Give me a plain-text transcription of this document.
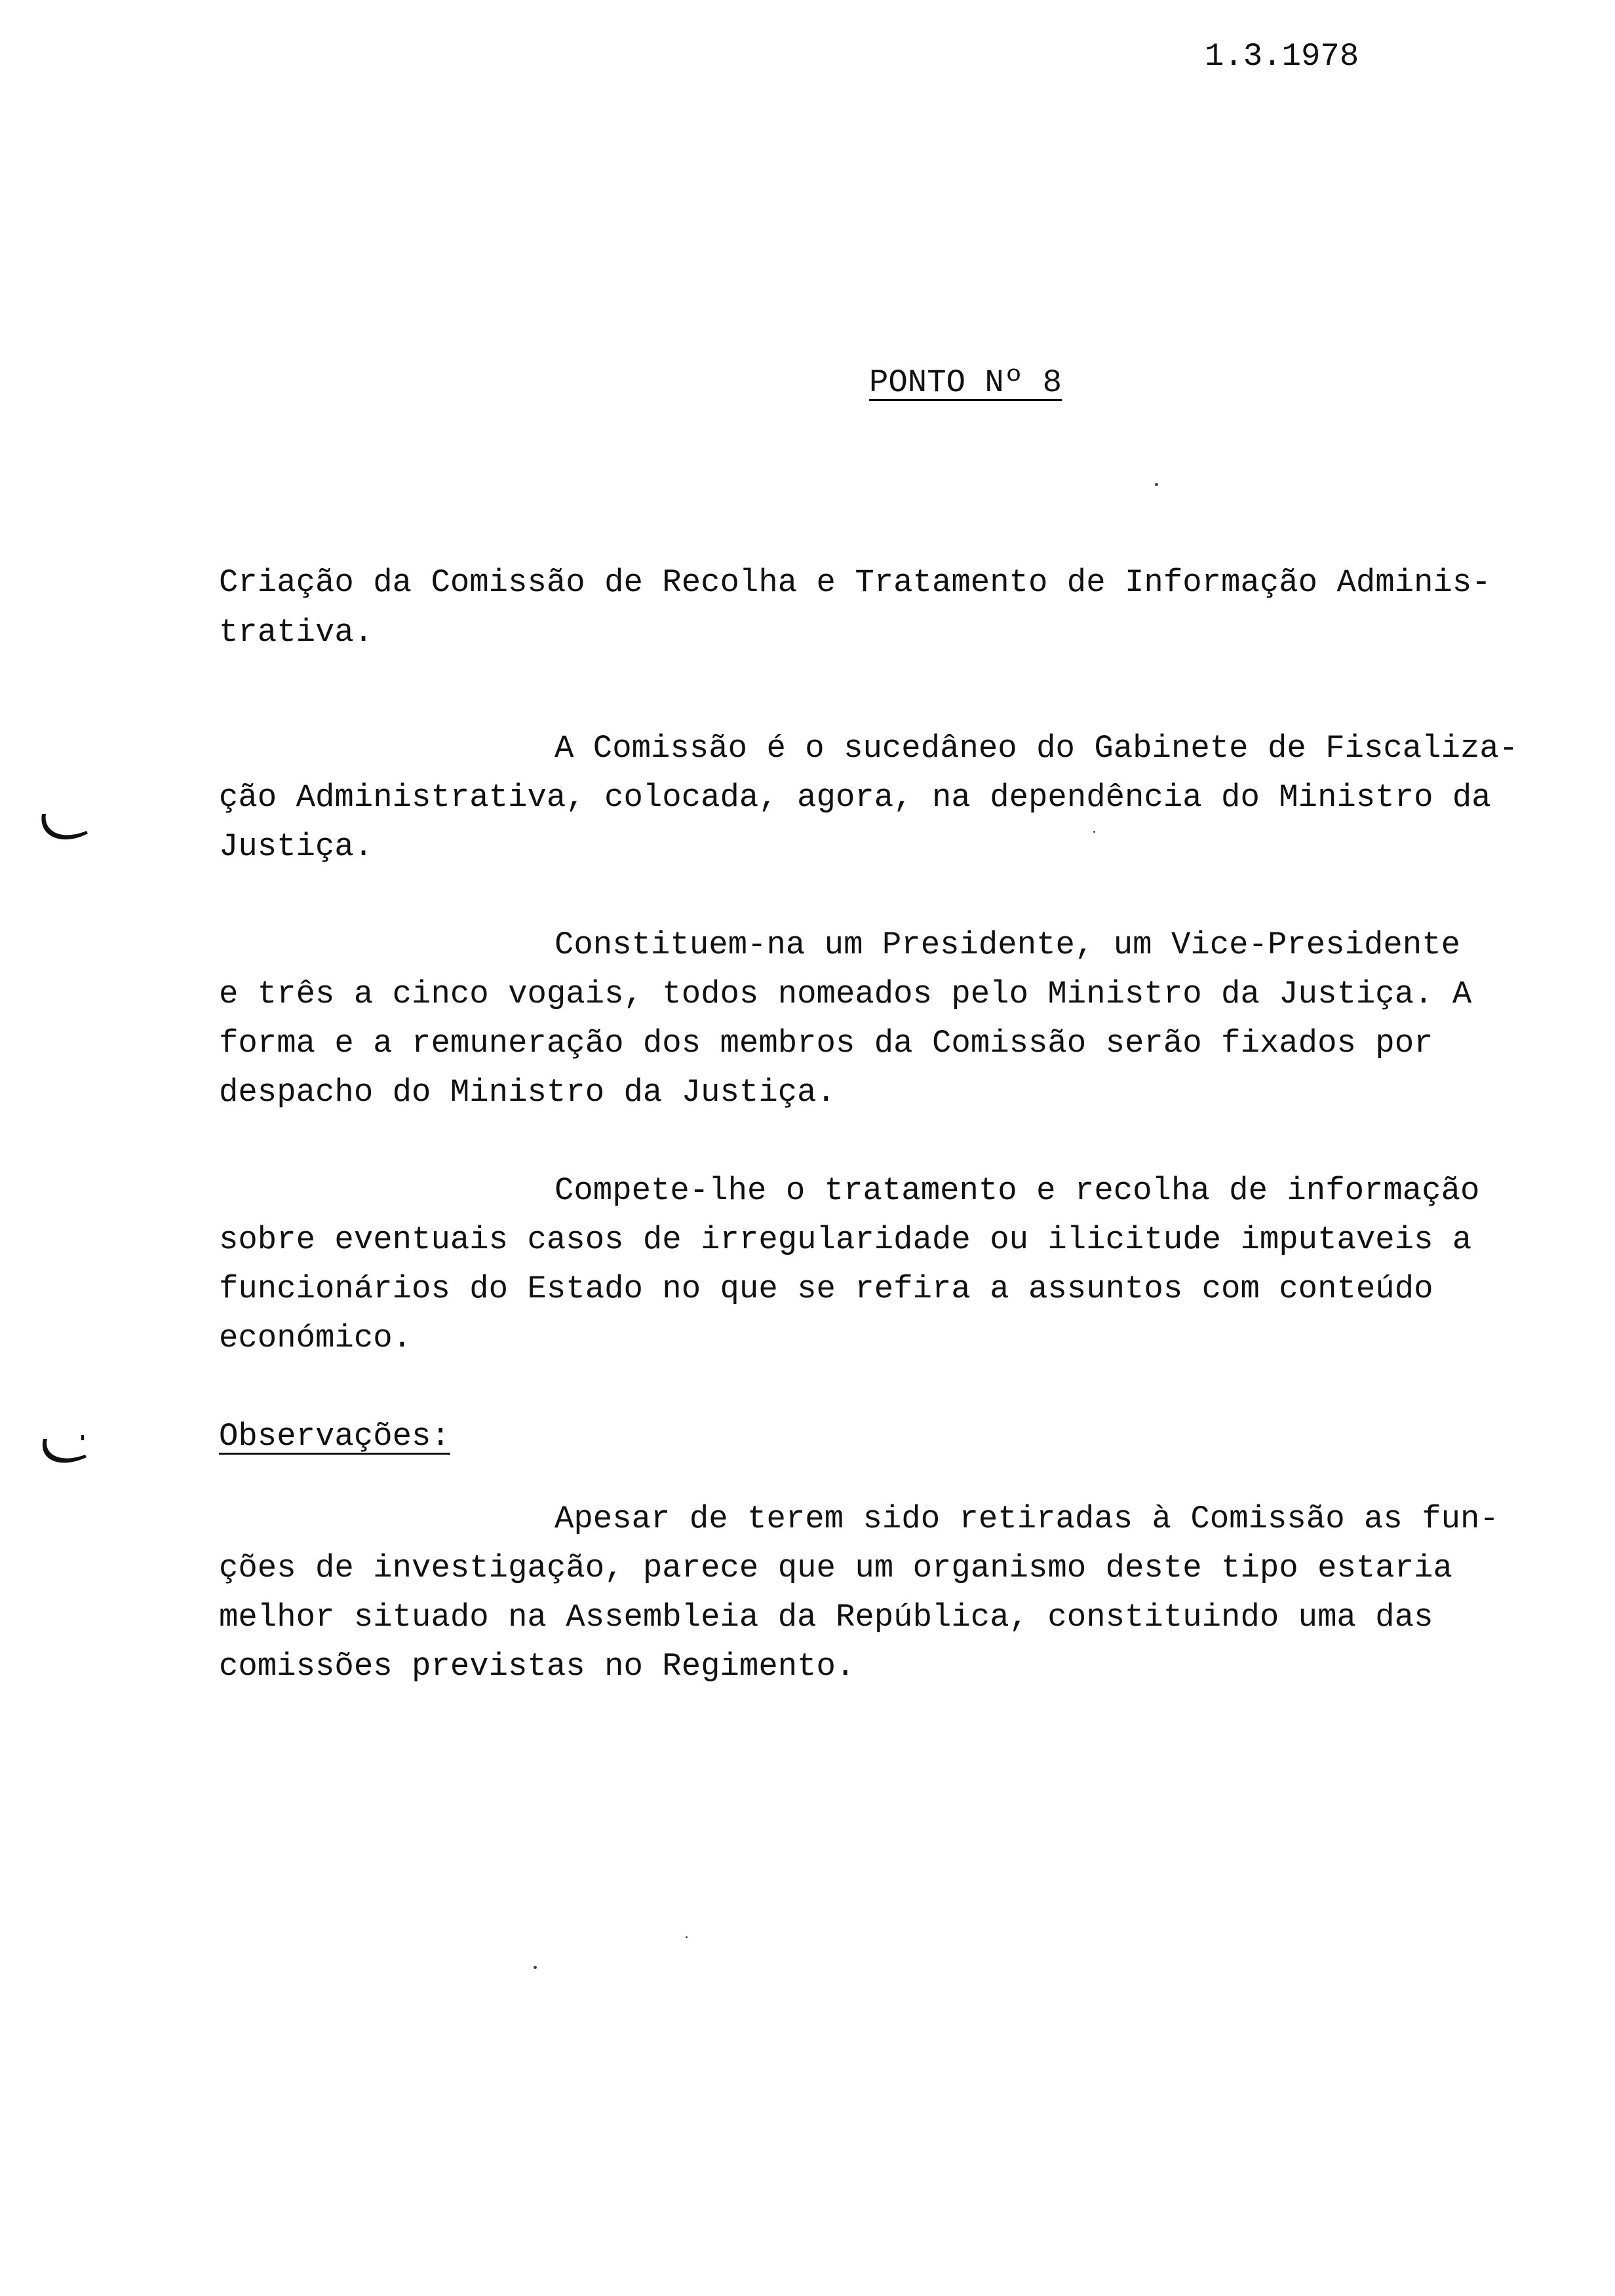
1.3.1978
PONTO Nº 8
Criação da Comissão de Recolha e Tratamento de Informação Adminis-
trativa.
A Comissão é o sucedâneo do Gabinete de Fiscaliza-
ção Administrativa, colocada, agora, na dependência do Ministro da
Justiça.
Constituem-na um Presidente, um Vice-Presidente
e três a cinco vogais, todos nomeados pelo Ministro da Justiça. A
forma e a remuneração dos membros da Comissão serão fixados por
despacho do Ministro da Justiça.
Compete-lhe o tratamento e recolha de informação
sobre eventuais casos de irregularidade ou ilicitude imputaveis a
funcionários do Estado no que se refira a assuntos com conteúdo
económico.
Observações:
Apesar de terem sido retiradas à Comissão as fun-
ções de investigação, parece que um organismo deste tipo estaria
melhor situado na Assembleia da República, constituindo uma das
comissões previstas no Regimento.
